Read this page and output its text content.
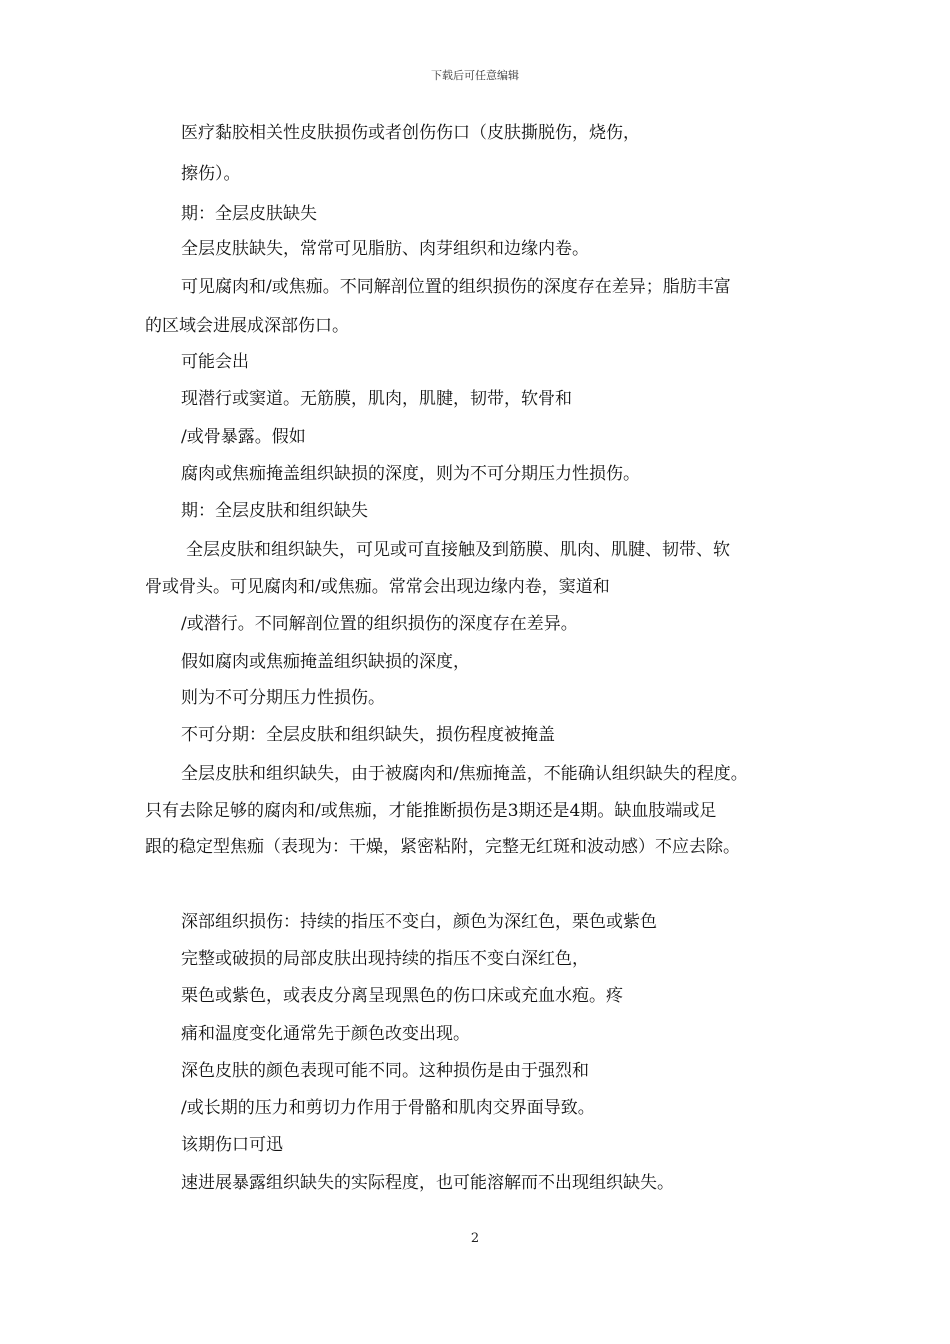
下载后可任意编辑
医疗黏胶相关性皮肤损伤或者创伤伤口（皮肤撕脱伤，烧伤，
擦伤）。
期：全层皮肤缺失
全层皮肤缺失，常常可见脂肪、肉芽组织和边缘内卷。
可见腐肉和/或焦痂。不同解剖位置的组织损伤的深度存在差异；脂肪丰富
的区域会进展成深部伤口。
可能会出
现潜行或窦道。无筋膜，肌肉，肌腱，韧带，软骨和
/或骨暴露。假如
腐肉或焦痂掩盖组织缺损的深度，则为不可分期压力性损伤。
期：全层皮肤和组织缺失
全层皮肤和组织缺失，可见或可直接触及到筋膜、肌肉、肌腱、韧带、软
骨或骨头。可见腐肉和/或焦痂。常常会出现边缘内卷，窦道和
/或潜行。不同解剖位置的组织损伤的深度存在差异。
假如腐肉或焦痂掩盖组织缺损的深度，
则为不可分期压力性损伤。
不可分期：全层皮肤和组织缺失，损伤程度被掩盖
全层皮肤和组织缺失，由于被腐肉和/焦痂掩盖，不能确认组织缺失的程度。
只有去除足够的腐肉和/或焦痂，才能推断损伤是3期还是4期。缺血肢端或足
跟的稳定型焦痂（表现为：干燥，紧密粘附，完整无红斑和波动感）不应去除。
深部组织损伤：持续的指压不变白，颜色为深红色，栗色或紫色
完整或破损的局部皮肤出现持续的指压不变白深红色，
栗色或紫色，或表皮分离呈现黑色的伤口床或充血水疱。疼
痛和温度变化通常先于颜色改变出现。
深色皮肤的颜色表现可能不同。这种损伤是由于强烈和
/或长期的压力和剪切力作用于骨骼和肌肉交界面导致。
该期伤口可迅
速进展暴露组织缺失的实际程度，也可能溶解而不出现组织缺失。
2
